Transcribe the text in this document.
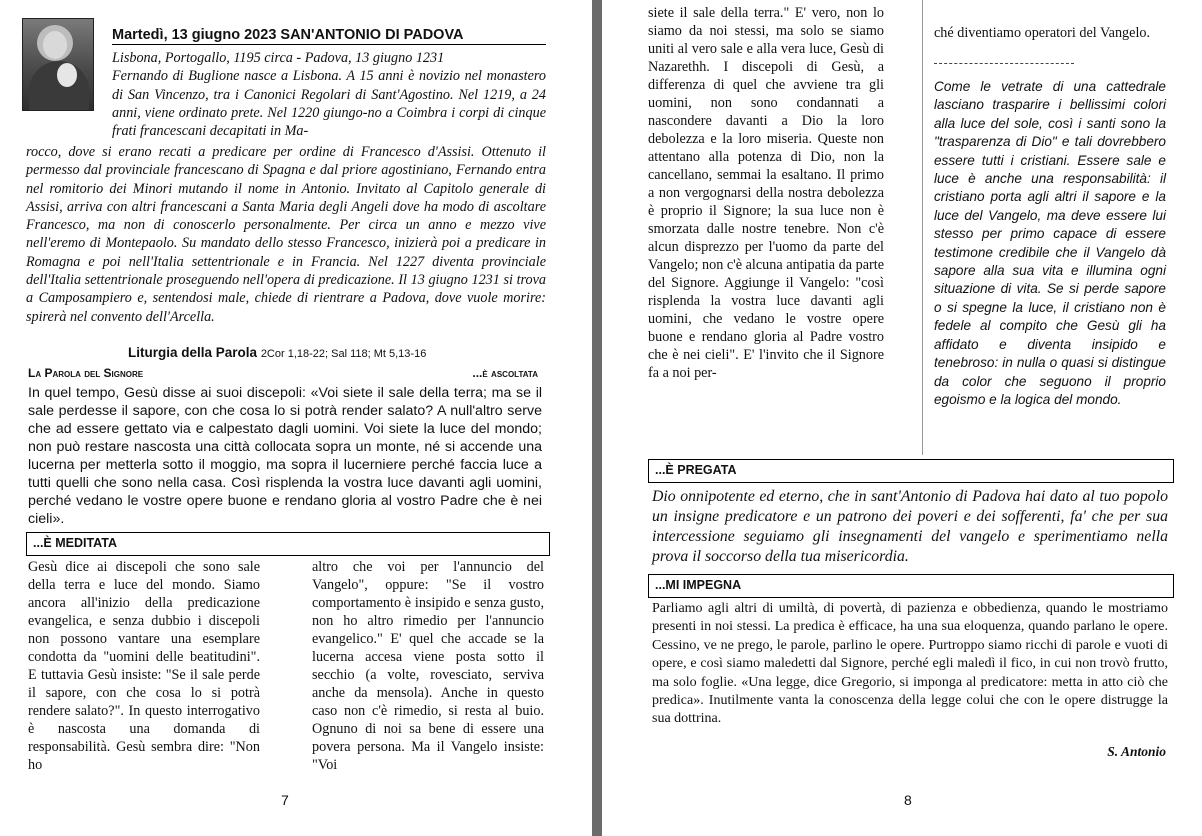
Martedì, 13 giugno 2023 SAN'ANTONIO DI PADOVA
Lisbona, Portogallo, 1195 circa - Padova, 13 giugno 1231
Fernando di Buglione nasce a Lisbona. A 15 anni è novizio nel monastero di San Vincenzo, tra i Canonici Regolari di Sant'Agostino. Nel 1219, a 24 anni, viene ordinato prete. Nel 1220 giungo-no a Coimbra i corpi di cinque frati francescani decapitati in Ma-
rocco, dove si erano recati a predicare per ordine di Francesco d'Assisi. Ottenuto il permesso dal provinciale francescano di Spagna e dal priore agostiniano, Fernando entra nel romitorio dei Minori mutando il nome in Antonio. Invitato al Capitolo generale di Assisi, arriva con altri francescani a Santa Maria degli Angeli dove ha modo di ascoltare Francesco, ma non di conoscerlo personalmente. Per circa un anno e mezzo vive nell'eremo di Montepaolo. Su mandato dello stesso Francesco, inizierà poi a predicare in Romagna e poi nell'Italia settentrionale e in Francia. Nel 1227 diventa provinciale dell'Italia settentrionale proseguendo nell'opera di predicazione. Il 13 giugno 1231 si trova a Camposampiero e, sentendosi male, chiede di rientrare a Padova, dove vuole morire: spirerà nel convento dell'Arcella.
Liturgia della Parola 2Cor 1,18-22; Sal 118; Mt 5,13-16
La Parola del Signore	...è ascoltata
In quel tempo, Gesù disse ai suoi discepoli: «Voi siete il sale della terra; ma se il sale perdesse il sapore, con che cosa lo si potrà render salato? A null'altro serve che ad essere gettato via e calpestato dagli uomini. Voi siete la luce del mondo; non può restare nascosta una città collocata sopra un monte, né si accende una lucerna per metterla sotto il moggio, ma sopra il lucerniere perché faccia luce a tutti quelli che sono nella casa. Così risplenda la vostra luce davanti agli uomini, perché vedano le vostre opere buone e rendano gloria al vostro Padre che è nei cieli».
...È MEDITATA
Gesù dice ai discepoli che sono sale della terra e luce del mondo. Siamo ancora all'inizio della predicazione evangelica, e senza dubbio i discepoli non possono vantare una esemplare condotta da "uomini delle beatitudini". E tuttavia Gesù insiste: "Se il sale perde il sapore, con che cosa lo si potrà rendere salato?". In questo interrogativo è nascosta una domanda di responsabilità. Gesù sembra dire: "Non ho
altro che voi per l'annuncio del Vangelo", oppure: "Se il vostro comportamento è insipido e senza gusto, non ho altro rimedio per l'annuncio evangelico." E' quel che accade se la lucerna accesa viene posta sotto il secchio (a volte, rovesciato, serviva anche da mensola). Anche in questo caso non c'è rimedio, si resta al buio. Ognuno di noi sa bene di essere una povera persona. Ma il Vangelo insiste: "Voi
7
siete il sale della terra." E' vero, non lo siamo da noi stessi, ma solo se siamo uniti al vero sale e alla vera luce, Gesù di Nazarethh. I discepoli di Gesù, a differenza di quel che avviene tra gli uomini, non sono condannati a nascondere davanti a Dio la loro debolezza e la loro miseria. Queste non attentano alla potenza di Dio, non la cancellano, semmai la esaltano. Il primo a non vergognarsi della nostra debolezza è proprio il Signore; la sua luce non è smorzata dalle nostre tenebre. Non c'è alcun disprezzo per l'uomo da parte del Vangelo; non c'è alcuna antipatia da parte del Signore. Aggiunge il Vangelo: "così risplenda la vostra luce davanti agli uomini, che vedano le vostre opere buone e rendano gloria al Padre vostro che è nei cieli". E' l'invito che il Signore fa a noi per-
ché diventiamo operatori del Vangelo.
Come le vetrate di una cattedrale lasciano trasparire i bellissimi colori alla luce del sole, così i santi sono la "trasparenza di Dio" e tali dovrebbero essere tutti i cristiani. Essere sale e luce è anche una responsabilità: il cristiano porta agli altri il sapore e la luce del Vangelo, ma deve essere lui stesso per primo capace di essere testimone credibile che il Vangelo dà sapore alla sua vita e illumina ogni situazione di vita. Se si perde sapore o si spegne la luce, il cristiano non è fedele al compito che Gesù gli ha affidato e diventa insipido e tenebroso: in nulla o quasi si distingue da color che seguono il proprio egoismo e la logica del mondo.
...È PREGATA
Dio onnipotente ed eterno, che in sant'Antonio di Padova hai dato al tuo popolo un insigne predicatore e un patrono dei poveri e dei sofferenti, fa' che per sua intercessione seguiamo gli insegnamenti del vangelo e sperimentiamo nella prova il soccorso della tua misericordia.
...MI IMPEGNA
Parliamo agli altri di umiltà, di povertà, di pazienza e obbedienza, quando le mostriamo presenti in noi stessi. La predica è efficace, ha una sua eloquenza, quando parlano le opere. Cessino, ve ne prego, le parole, parlino le opere. Purtroppo siamo ricchi di parole e vuoti di opere, e così siamo maledetti dal Signore, perché egli maledì il fico, in cui non trovò frutto, ma solo foglie. «Una legge, dice Gregorio, si imponga al predicatore: metta in atto ciò che predica». Inutilmente vanta la conoscenza della legge colui che con le opere distrugge la sua dottrina.
S. Antonio
8
